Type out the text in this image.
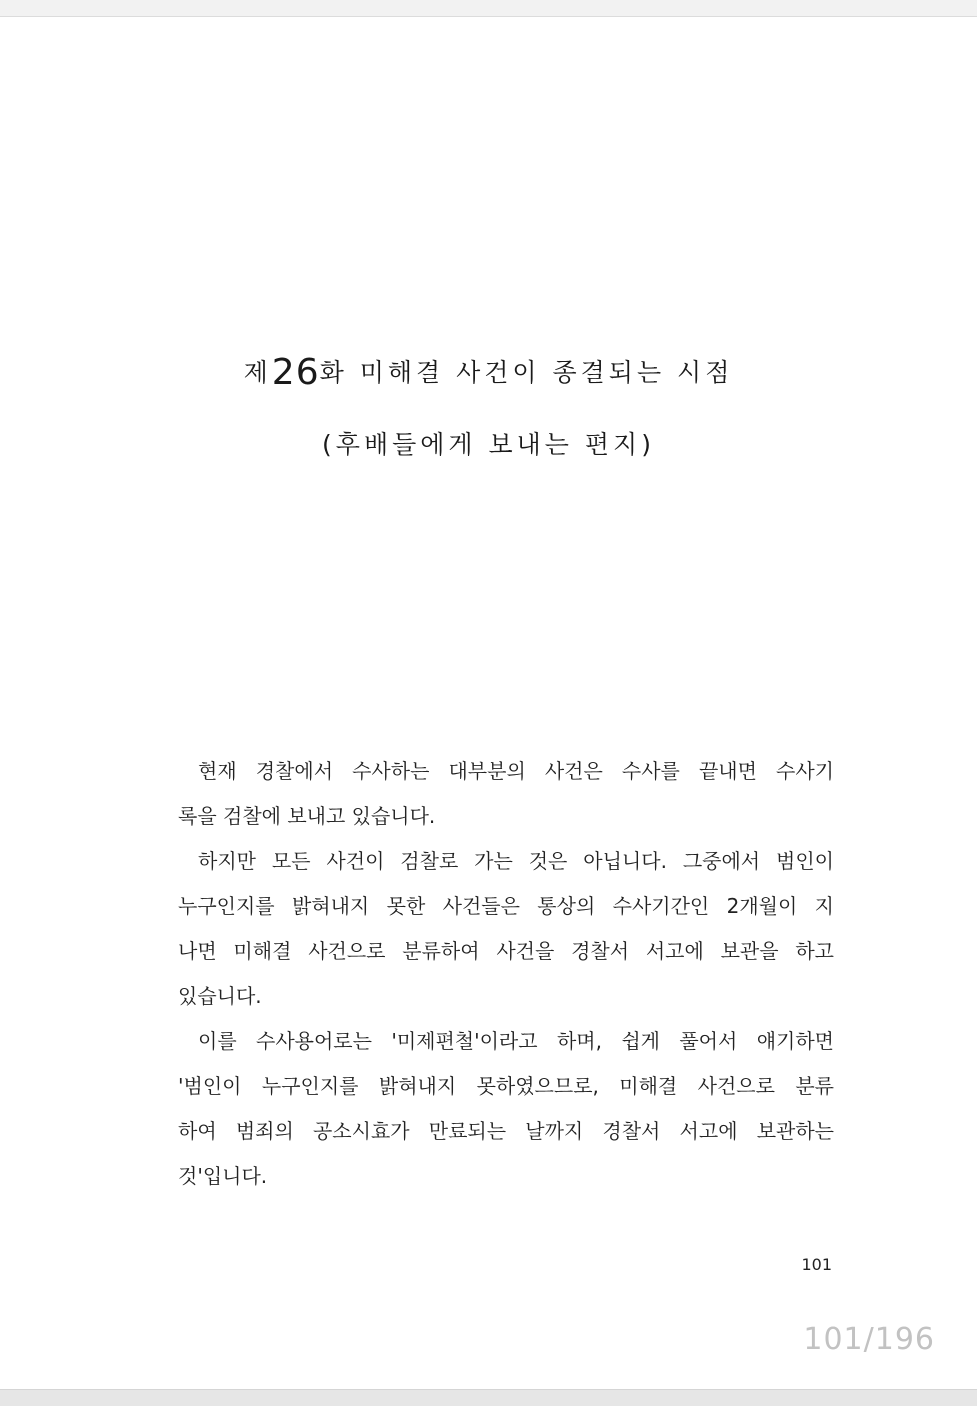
제26화 미해결 사건이 종결되는 시점
(후배들에게 보내는 편지)
현재 경찰에서 수사하는 대부분의 사건은 수사를 끝내면 수사기
록을 검찰에 보내고 있습니다.
하지만 모든 사건이 검찰로 가는 것은 아닙니다. 그중에서 범인이
누구인지를 밝혀내지 못한 사건들은 통상의 수사기간인 2개월이 지
나면 미해결 사건으로 분류하여 사건을 경찰서 서고에 보관을 하고
있습니다.
이를 수사용어로는 '미제편철'이라고 하며, 쉽게 풀어서 얘기하면
'범인이 누구인지를 밝혀내지 못하였으므로, 미해결 사건으로 분류
하여 범죄의 공소시효가 만료되는 날까지 경찰서 서고에 보관하는
것'입니다.
101
101/196
